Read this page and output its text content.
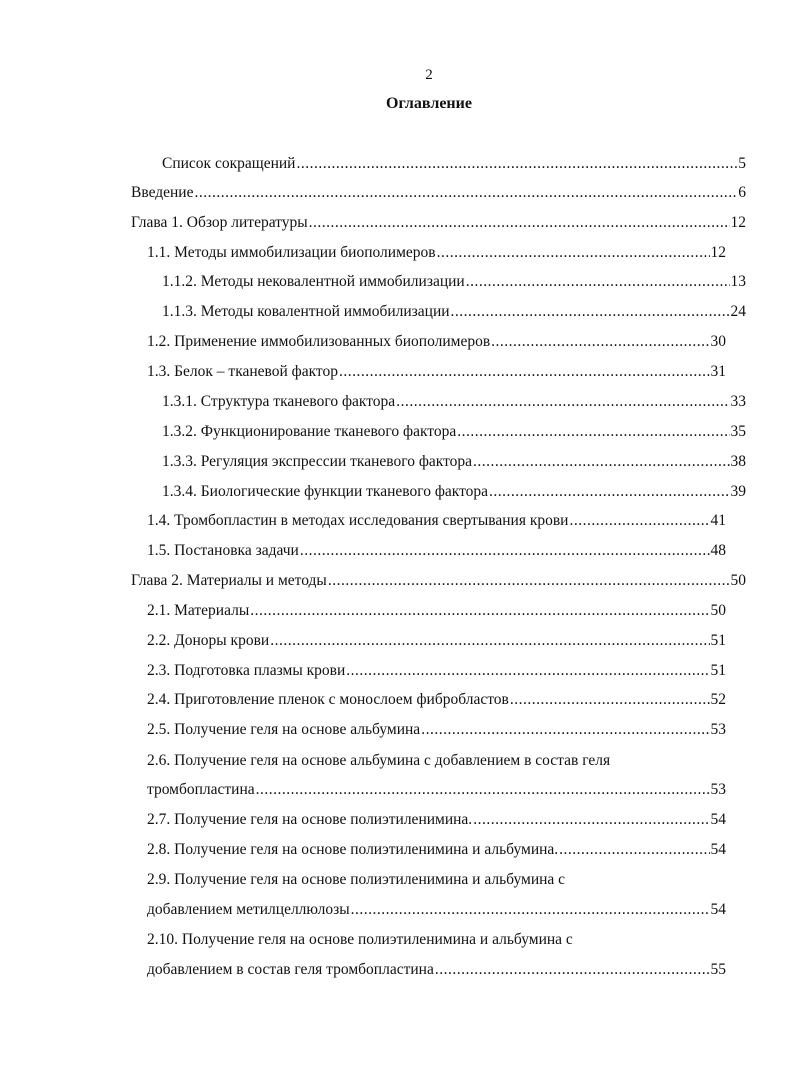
2
Оглавление
Список сокращений .....	5
Введение .....	6
Глава 1. Обзор литературы .....	12
1.1. Методы иммобилизации биополимеров .....	12
1.1.2. Методы нековалентной иммобилизации .....	13
1.1.3. Методы ковалентной иммобилизации .....	24
1.2. Применение иммобилизованных биополимеров .....	30
1.3. Белок – тканевой фактор .....	31
1.3.1. Структура тканевого фактора .....	33
1.3.2. Функционирование тканевого фактора .....	35
1.3.3. Регуляция экспрессии тканевого фактора .....	38
1.3.4. Биологические функции тканевого фактора .....	39
1.4. Тромбопластин в методах исследования свертывания крови .....	41
1.5. Постановка задачи .....	48
Глава 2. Материалы и методы .....	50
2.1. Материалы .....	50
2.2. Доноры крови .....	51
2.3. Подготовка плазмы крови .....	51
2.4. Приготовление пленок с монослоем фибробластов .....	52
2.5. Получение геля на основе альбумина .....	53
2.6. Получение геля на основе альбумина с добавлением в состав геля
тромбопластина .....	53
2.7. Получение геля на основе полиэтиленимина. .....	54
2.8. Получение геля на основе полиэтиленимина и альбумина. .....	54
2.9. Получение геля на основе полиэтиленимина и альбумина с
добавлением метилцеллюлозы .....	54
2.10. Получение геля на основе полиэтиленимина и альбумина с
добавлением в состав геля тромбопластина .....	55
